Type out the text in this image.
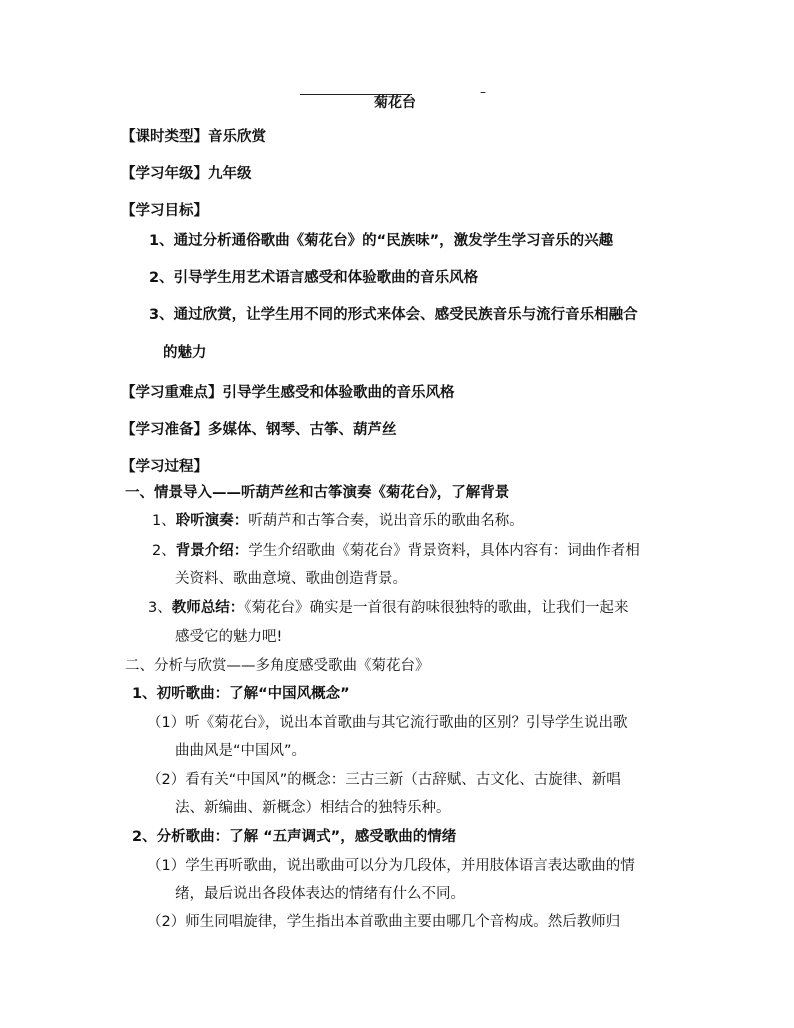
–
菊花台
【课时类型】音乐欣赏
【学习年级】九年级
【学习目标】
1、通过分析通俗歌曲《菊花台》的“民族味”，激发学生学习音乐的兴趣
2、引导学生用艺术语言感受和体验歌曲的音乐风格
3、通过欣赏，让学生用不同的形式来体会、感受民族音乐与流行音乐相融合
的魅力
【学习重难点】引导学生感受和体验歌曲的音乐风格
【学习准备】多媒体、钢琴、古筝、葫芦丝
【学习过程】
一、情景导入——听葫芦丝和古筝演奏《菊花台》，了解背景
1、聆听演奏：听葫芦和古筝合奏，说出音乐的歌曲名称。
2、背景介绍：学生介绍歌曲《菊花台》背景资料，具体内容有：词曲作者相
关资料、歌曲意境、歌曲创造背景。
3、教师总结：《菊花台》确实是一首很有韵味很独特的歌曲，让我们一起来
感受它的魅力吧!
二、分析与欣赏——多角度感受歌曲《菊花台》
1、初听歌曲：了解“中国风概念”
（1）听《菊花台》，说出本首歌曲与其它流行歌曲的区别？引导学生说出歌
曲曲风是“中国风”。
（2）看有关“中国风”的概念：三古三新（古辞赋、古文化、古旋律、新唱
法、新编曲、新概念）相结合的独特乐种。
2、分析歌曲：了解 “五声调式”，感受歌曲的情绪
（1）学生再听歌曲，说出歌曲可以分为几段体，并用肢体语言表达歌曲的情
绪，最后说出各段体表达的情绪有什么不同。
（2）师生同唱旋律，学生指出本首歌曲主要由哪几个音构成。然后教师归
